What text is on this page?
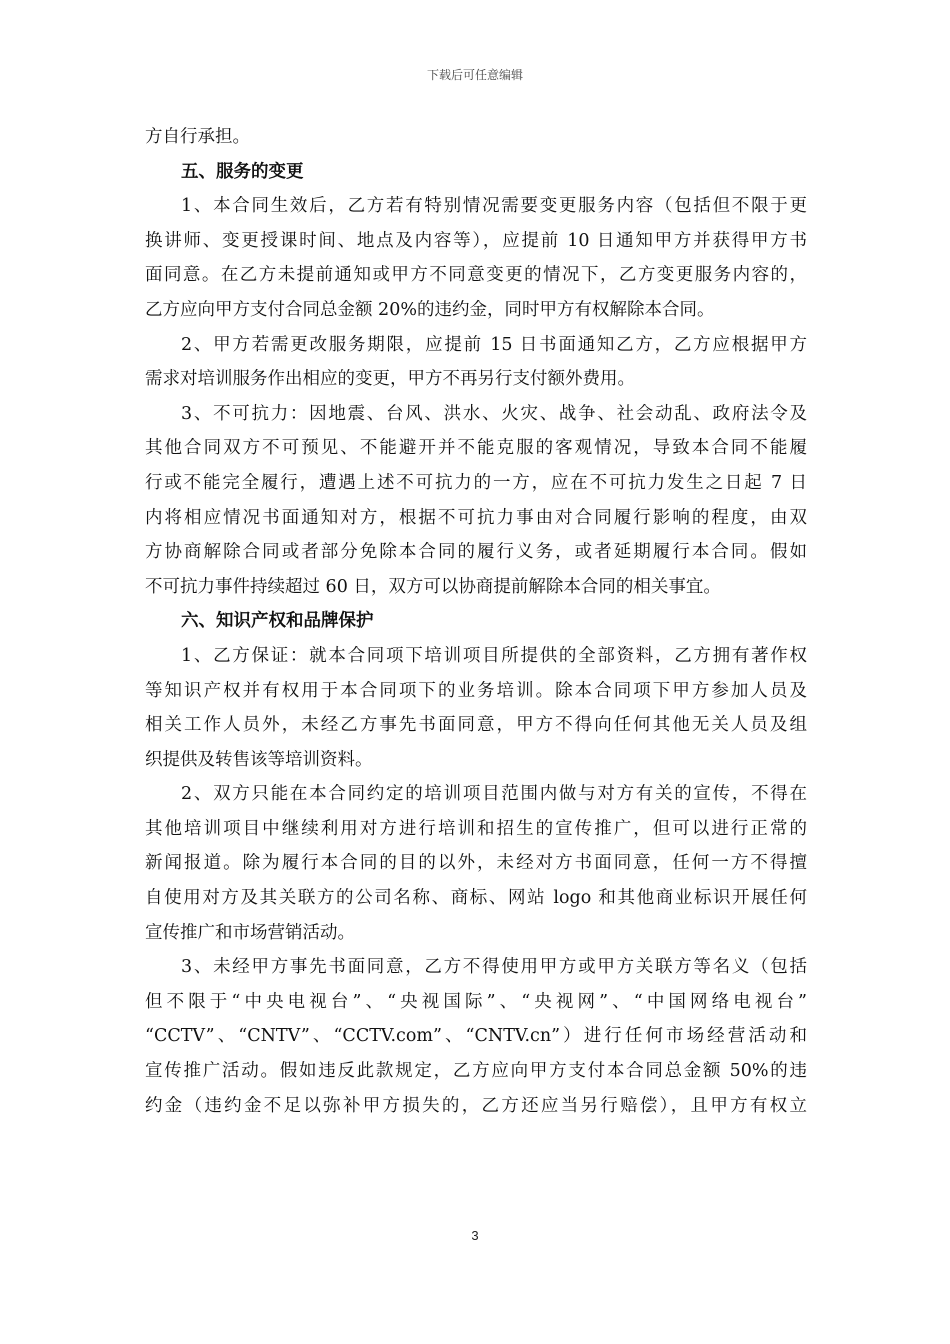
下载后可任意编辑
方自行承担。
五、服务的变更
1、本合同生效后，乙方若有特别情况需要变更服务内容（包括但不限于更
换讲师、变更授课时间、地点及内容等），应提前 10 日通知甲方并获得甲方书
面同意。在乙方未提前通知或甲方不同意变更的情况下，乙方变更服务内容的，
乙方应向甲方支付合同总金额 20%的违约金，同时甲方有权解除本合同。
2、甲方若需更改服务期限，应提前 15 日书面通知乙方，乙方应根据甲方
需求对培训服务作出相应的变更，甲方不再另行支付额外费用。
3、不可抗力：因地震、台风、洪水、火灾、战争、社会动乱、政府法令及
其他合同双方不可预见、不能避开并不能克服的客观情况，导致本合同不能履
行或不能完全履行，遭遇上述不可抗力的一方，应在不可抗力发生之日起 7 日
内将相应情况书面通知对方，根据不可抗力事由对合同履行影响的程度，由双
方协商解除合同或者部分免除本合同的履行义务，或者延期履行本合同。假如
不可抗力事件持续超过 60 日，双方可以协商提前解除本合同的相关事宜。
六、知识产权和品牌保护
1、乙方保证：就本合同项下培训项目所提供的全部资料，乙方拥有著作权
等知识产权并有权用于本合同项下的业务培训。除本合同项下甲方参加人员及
相关工作人员外，未经乙方事先书面同意，甲方不得向任何其他无关人员及组
织提供及转售该等培训资料。
2、双方只能在本合同约定的培训项目范围内做与对方有关的宣传，不得在
其他培训项目中继续利用对方进行培训和招生的宣传推广，但可以进行正常的
新闻报道。除为履行本合同的目的以外，未经对方书面同意，任何一方不得擅
自使用对方及其关联方的公司名称、商标、网站 logo 和其他商业标识开展任何
宣传推广和市场营销活动。
3、未经甲方事先书面同意，乙方不得使用甲方或甲方关联方等名义（包括
但不限于“中央电视台”、“央视国际”、“央视网”、“中国网络电视台”
“CCTV”、“CNTV”、“CCTV.com”、“CNTV.cn”）进行任何市场经营活动和
宣传推广活动。假如违反此款规定，乙方应向甲方支付本合同总金额 50%的违
约金（违约金不足以弥补甲方损失的，乙方还应当另行赔偿），且甲方有权立
3
